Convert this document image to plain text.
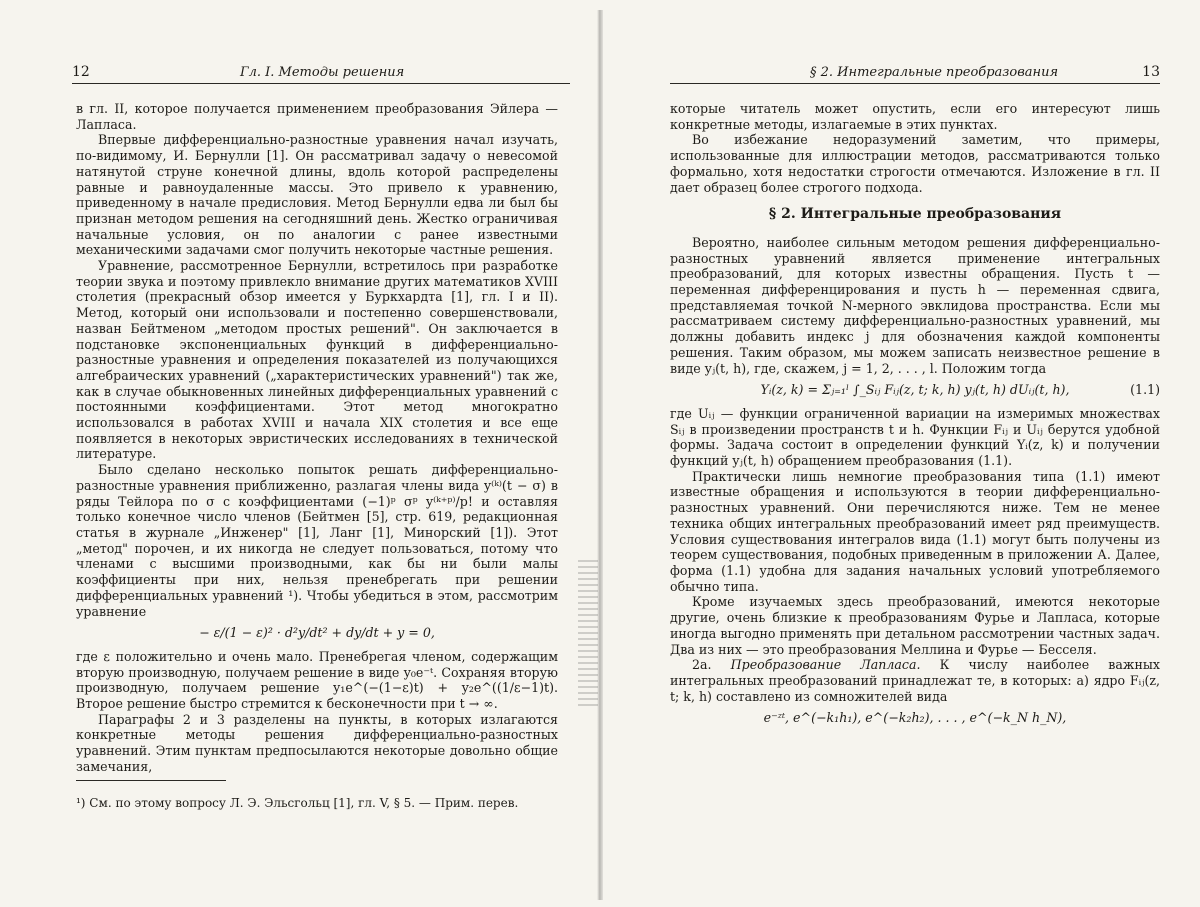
12	Гл. I. Методы решения

в гл. II, которое получается применением преобразования Эйлера — Лапласа.

Впервые дифференциально-разностные уравнения начал изучать, по-видимому, И. Бернулли [1]. Он рассматривал задачу о невесомой натянутой струне конечной длины, вдоль которой распределены равные и равноудаленные массы. Это привело к уравнению, приведенному в начале предисловия. Метод Бернулли едва ли был бы признан методом решения на сегодняшний день. Жестко ограничивая начальные условия, он по аналогии с ранее известными механическими задачами смог получить некоторые частные решения.

Уравнение, рассмотренное Бернулли, встретилось при разработке теории звука и поэтому привлекло внимание других математиков XVIII столетия (прекрасный обзор имеется у Буркхардта [1], гл. I и II). Метод, который они использовали и постепенно совершенствовали, назван Бейтменом „методом простых решений". Он заключается в подстановке экспоненциальных функций в дифференциально-разностные уравнения и определения показателей из получающихся алгебраических уравнений („характеристических уравнений") так же, как в случае обыкновенных линейных дифференциальных уравнений с постоянными коэффициентами. Этот метод многократно использовался в работах XVIII и начала XIX столетия и все еще появляется в некоторых эвристических исследованиях в технической литературе.

Было сделано несколько попыток решать дифференциально-разностные уравнения приближенно, разлагая члены вида y⁽ᵏ⁾(t − σ) в ряды Тейлора по σ с коэффициентами (−1)ᵖ σᵖ y⁽ᵏ⁺ᵖ⁾/p! и оставляя только конечное число членов (Бейтмен [5], стр. 619, редакционная статья в журнале „Инженер" [1], Ланг [1], Минорский [1]). Этот „метод" порочен, и их никогда не следует пользоваться, потому что членами с высшими производными, как бы ни были малы коэффициенты при них, нельзя пренебрегать при решении дифференциальных уравнений ¹). Чтобы убедиться в этом, рассмотрим уравнение

− ε/(1 − ε)² · d²y/dt² + dy/dt + y = 0,

где ε положительно и очень мало. Пренебрегая членом, содержащим вторую производную, получаем решение в виде y₀e⁻ᵗ. Сохраняя вторую производную, получаем решение y₁e^(−(1−ε)t) + y₂e^((1/ε−1)t). Второе решение быстро стремится к бесконечности при t → ∞.

Параграфы 2 и 3 разделены на пункты, в которых излагаются конкретные методы решения дифференциально-разностных уравнений. Этим пунктам предпосылаются некоторые довольно общие замечания,

¹) См. по этому вопросу Л. Э. Эльсгольц [1], гл. V, § 5. — Прим. перев.
§ 2. Интегральные преобразования	13

которые читатель может опустить, если его интересуют лишь конкретные методы, излагаемые в этих пунктах.

Во избежание недоразумений заметим, что примеры, использованные для иллюстрации методов, рассматриваются только формально, хотя недостатки строгости отмечаются. Изложение в гл. II дает образец более строгого подхода.

§ 2. Интегральные преобразования

Вероятно, наиболее сильным методом решения дифференциально-разностных уравнений является применение интегральных преобразований, для которых известны обращения. Пусть t — переменная дифференцирования и пусть h — переменная сдвига, представляемая точкой N-мерного эвклидова пространства. Если мы рассматриваем систему дифференциально-разностных уравнений, мы должны добавить индекс j для обозначения каждой компоненты решения. Таким образом, мы можем записать неизвестное решение в виде yⱼ(t, h), где, скажем, j = 1, 2, . . . , l. Положим тогда

Yᵢ(z, k) = Σⱼ₌₁ˡ ∫_Sᵢⱼ Fᵢⱼ(z, t; k, h) yⱼ(t, h) dUᵢⱼ(t, h),	(1.1)

где Uᵢⱼ — функции ограниченной вариации на измеримых множествах Sᵢⱼ в произведении пространств t и h. Функции Fᵢⱼ и Uᵢⱼ берутся удобной формы. Задача состоит в определении функций Yᵢ(z, k) и получении функций yⱼ(t, h) обращением преобразования (1.1).

Практически лишь немногие преобразования типа (1.1) имеют известные обращения и используются в теории дифференциально-разностных уравнений. Они перечисляются ниже. Тем не менее техника общих интегральных преобразований имеет ряд преимуществ. Условия существования интегралов вида (1.1) могут быть получены из теорем существования, подобных приведенным в приложении А. Далее, форма (1.1) удобна для задания начальных условий употребляемого обычно типа.

Кроме изучаемых здесь преобразований, имеются некоторые другие, очень близкие к преобразованиям Фурье и Лапласа, которые иногда выгодно применять при детальном рассмотрении частных задач. Два из них — это преобразования Меллина и Фурье — Бесселя.

2а. Преобразование Лапласа. К числу наиболее важных интегральных преобразований принадлежат те, в которых: а) ядро Fᵢⱼ(z, t; k, h) составлено из сомножителей вида

e⁻ᶻᵗ, e^(−k₁h₁), e^(−k₂h₂), . . . , e^(−k_N h_N),
